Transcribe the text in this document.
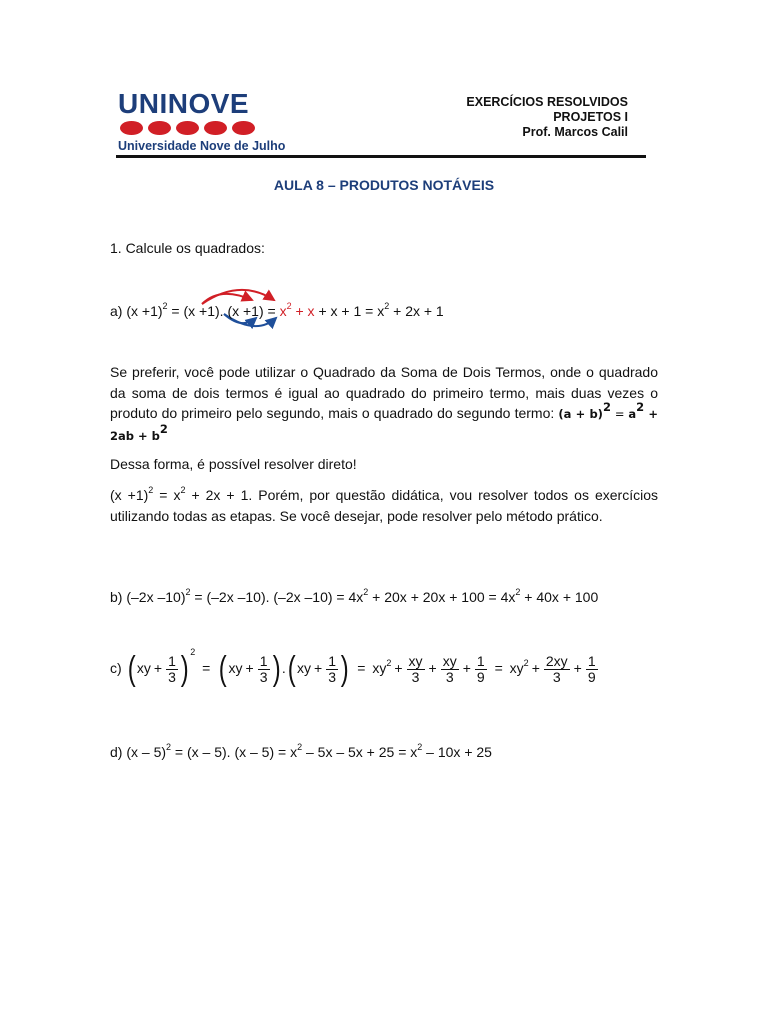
UNINOVE
Universidade Nove de Julho
EXERCÍCIOS RESOLVIDOS
PROJETOS I
Prof. Marcos Calil
AULA 8 – PRODUTOS NOTÁVEIS
1. Calcule os quadrados:
a) $(x +1)^2 = (x +1)$. $(x +1) = x^2 + x + x + 1 = x^2 + 2x + 1$
Se preferir, você pode utilizar o Quadrado da Soma de Dois Termos, onde o quadrado da soma de dois termos é igual ao quadrado do primeiro termo, mais duas vezes o produto do primeiro pelo segundo, mais o quadrado do segundo termo: $(a + b)^2 = a^2 + 2ab + b^2$
Dessa forma, é possível resolver direto!
$(x +1)^2 = x^2 + 2x + 1$. Porém, por questão didática, vou resolver todos os exercícios utilizando todas as etapas. Se você desejar, pode resolver pelo método prático.
b) (–2x –10)$^2$ = (–2x –10). (–2x $-10) = 4x^2 + 20x + 20x + 100 = 4x^2 + 40x + 100$
c) ( xy + $\frac{1}{3}$ ) $^2$ = ( xy + $\frac{1}{3}$ ) .( xy + $\frac{1}{3}$ ) = $xy^2 + \frac{xy}{3} + \frac{xy}{3} + \frac{1}{9} = xy^2 + \frac{2xy}{3} + \frac{1}{9}$
d) (x – 5)$^2$ = (x – 5). $(x - 5) = x^2 - 5x - 5x + 25 = x^2 - 10x + 25$
